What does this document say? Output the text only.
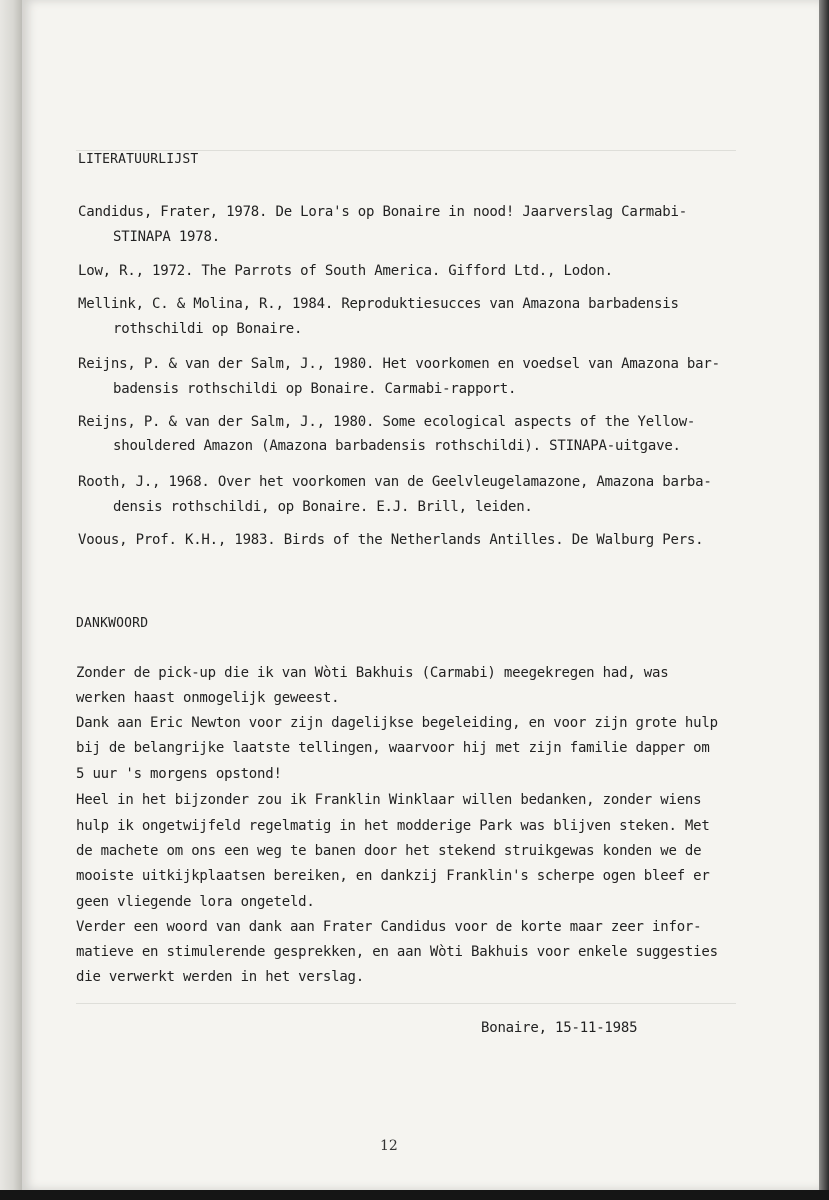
LITERATUURLIJST
Candidus, Frater, 1978. De Lora's op Bonaire in nood! Jaarverslag Carmabi-
STINAPA 1978.
Low, R., 1972. The Parrots of South America. Gifford Ltd., Lodon.
Mellink, C. & Molina, R., 1984. Reproduktiesucces van Amazona barbadensis
rothschildi op Bonaire.
Reijns, P. & van der Salm, J., 1980. Het voorkomen en voedsel van Amazona bar-
badensis rothschildi op Bonaire. Carmabi-rapport.
Reijns, P. & van der Salm, J., 1980. Some ecological aspects of the Yellow-
shouldered Amazon (Amazona barbadensis rothschildi). STINAPA-uitgave.
Rooth, J., 1968. Over het voorkomen van de Geelvleugelamazone, Amazona barba-
densis rothschildi, op Bonaire. E.J. Brill, leiden.
Voous, Prof. K.H., 1983. Birds of the Netherlands Antilles. De Walburg Pers.
DANKWOORD
Zonder de pick-up die ik van Wòti Bakhuis (Carmabi) meegekregen had, was
werken haast onmogelijk geweest.
Dank aan Eric Newton voor zijn dagelijkse begeleiding, en voor zijn grote hulp
bij de belangrijke laatste tellingen, waarvoor hij met zijn familie dapper om
5 uur 's morgens opstond!
Heel in het bijzonder zou ik Franklin Winklaar willen bedanken, zonder wiens
hulp ik ongetwijfeld regelmatig in het modderige Park was blijven steken. Met
de machete om ons een weg te banen door het stekend struikgewas konden we de
mooiste uitkijkplaatsen bereiken, en dankzij Franklin's scherpe ogen bleef er
geen vliegende lora ongeteld.
Verder een woord van dank aan Frater Candidus voor de korte maar zeer infor-
matieve en stimulerende gesprekken, en aan Wòti Bakhuis voor enkele suggesties
die verwerkt werden in het verslag.
Bonaire, 15-11-1985
12
